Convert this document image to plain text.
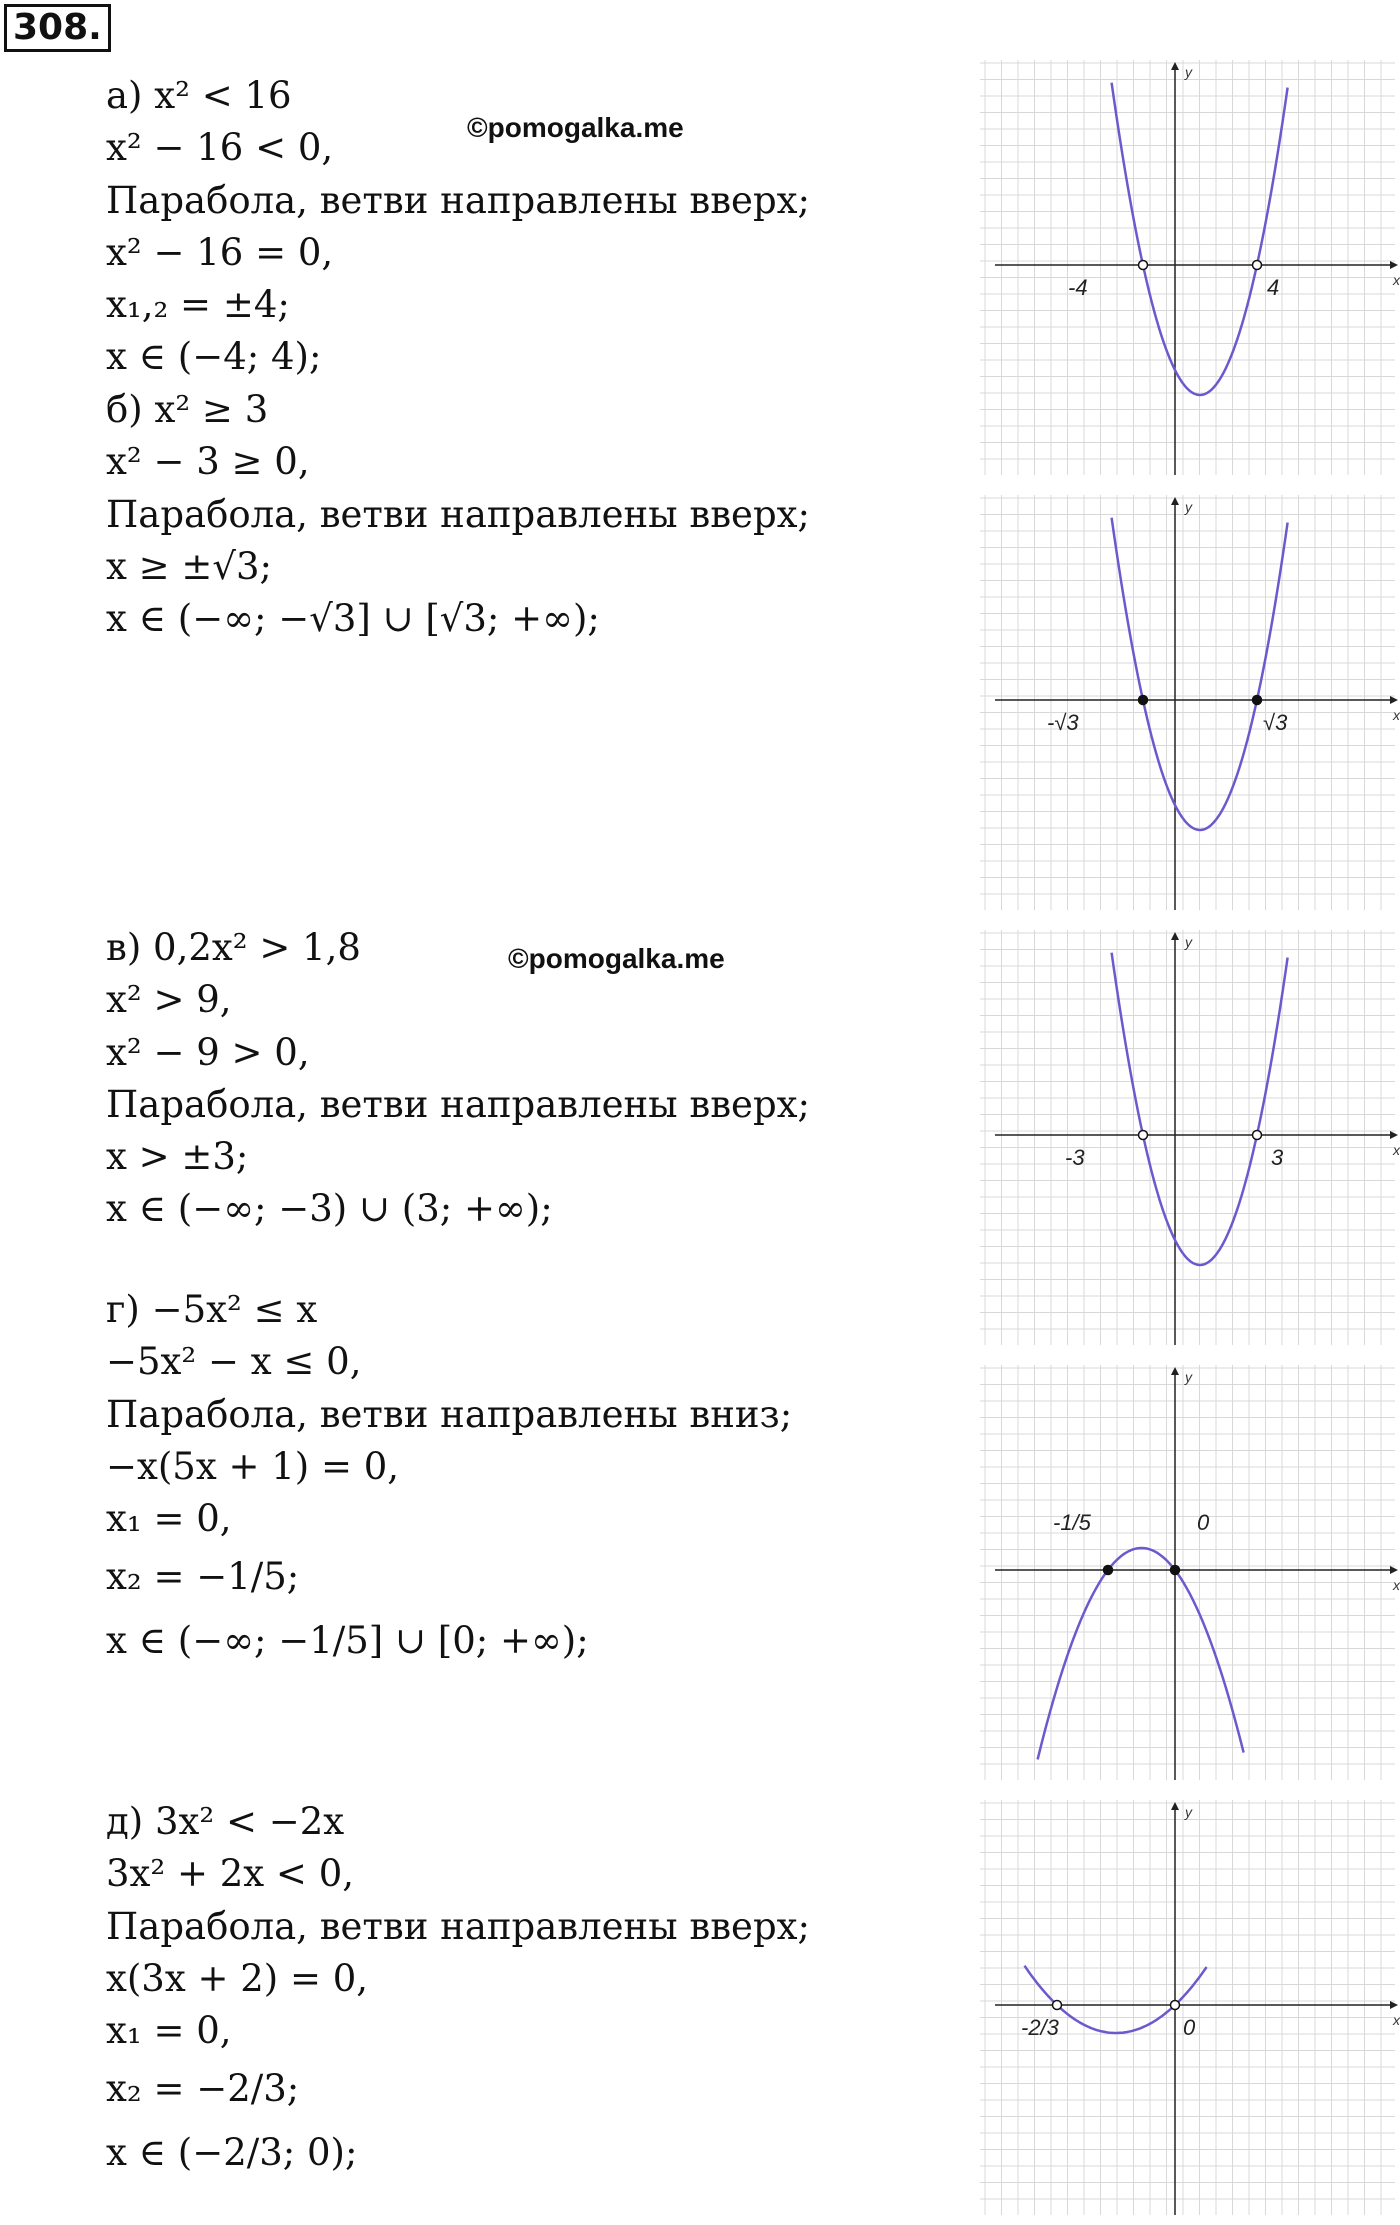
308.
©pomogalka.me
©pomogalka.me
а) x² < 16
x² − 16 < 0,
Парабола, ветви направлены вверх;
x² − 16 = 0,
x₁,₂ = ±4;
x ∈ (−4; 4);
б) x² ≥ 3
x² − 3 ≥ 0,
Парабола, ветви направлены вверх;
x ≥ ±√3;
x ∈ (−∞; −√3] ∪ [√3; +∞);
в) 0,2x² > 1,8
x² > 9,
x² − 9 > 0,
Парабола, ветви направлены вверх;
x > ±3;
x ∈ (−∞; −3) ∪ (3; +∞);
г) −5x² ≤ x
−5x² − x ≤ 0,
Парабола, ветви направлены вниз;
−x(5x + 1) = 0,
x₁ = 0,
x₂ = −1/5;
x ∈ (−∞; −1/5] ∪ [0; +∞);
д) 3x² < −2x
3x² + 2x < 0,
Парабола, ветви направлены вверх;
x(3x + 2) = 0,
x₁ = 0,
x₂ = −2/3;
x ∈ (−2/3; 0);
x
y
-4	4
x
y
-√3	√3
x
y
-3	3
x
y
-1/5	0
x
y
-2/3	0
